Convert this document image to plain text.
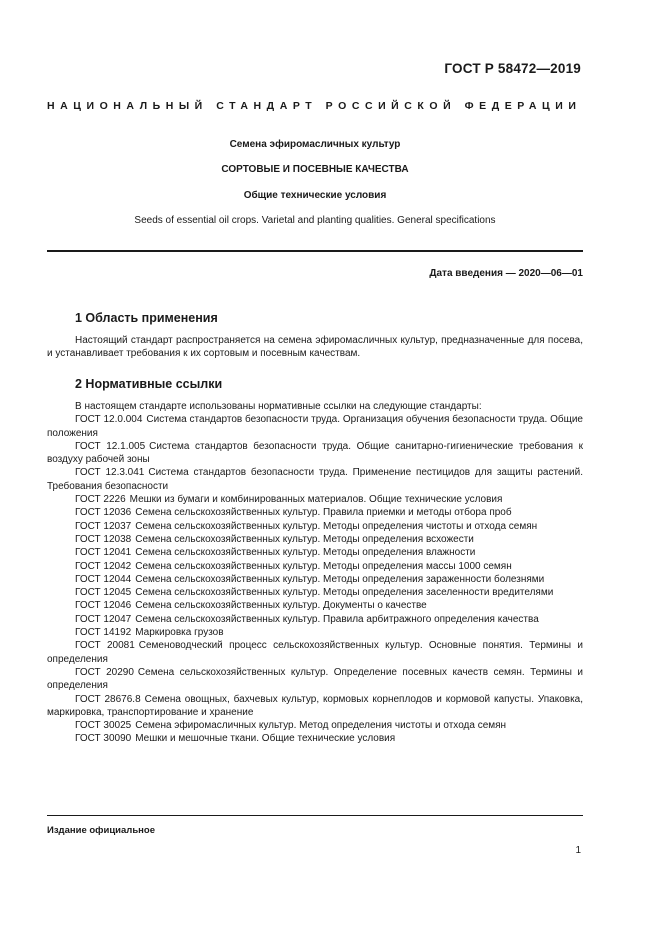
ГОСТ Р 58472—2019
НАЦИОНАЛЬНЫЙ СТАНДАРТ РОССИЙСКОЙ ФЕДЕРАЦИИ
Семена эфиромасличных культур
СОРТОВЫЕ И ПОСЕВНЫЕ КАЧЕСТВА
Общие технические условия
Seeds of essential oil crops. Varietal and planting qualities. General specifications
Дата введения — 2020—06—01
1 Область применения

Настоящий стандарт распространяется на семена эфиромасличных культур, предназначенные для посева, и устанавливает требования к их сортовым и посевным качествам.

2 Нормативные ссылки

В настоящем стандарте использованы нормативные ссылки на следующие стандарты:

ГОСТ 12.0.004 Система стандартов безопасности труда. Организация обучения безопасности труда. Общие положения

ГОСТ 12.1.005 Система стандартов безопасности труда. Общие санитарно-гигиенические требования к воздуху рабочей зоны

ГОСТ 12.3.041 Система стандартов безопасности труда. Применение пестицидов для защиты растений. Требования безопасности

ГОСТ 2226 Мешки из бумаги и комбинированных материалов. Общие технические условия

ГОСТ 12036 Семена сельскохозяйственных культур. Правила приемки и методы отбора проб

ГОСТ 12037 Семена сельскохозяйственных культур. Методы определения чистоты и отхода семян

ГОСТ 12038 Семена сельскохозяйственных культур. Методы определения всхожести

ГОСТ 12041 Семена сельскохозяйственных культур. Методы определения влажности

ГОСТ 12042 Семена сельскохозяйственных культур. Методы определения массы 1000 семян

ГОСТ 12044 Семена сельскохозяйственных культур. Методы определения зараженности болезнями

ГОСТ 12045 Семена сельскохозяйственных культур. Методы определения заселенности вредителями

ГОСТ 12046 Семена сельскохозяйственных культур. Документы о качестве

ГОСТ 12047 Семена сельскохозяйственных культур. Правила арбитражного определения качества

ГОСТ 14192 Маркировка грузов

ГОСТ 20081 Семеноводческий процесс сельскохозяйственных культур. Основные понятия. Термины и определения

ГОСТ 20290 Семена сельскохозяйственных культур. Определение посевных качеств семян. Термины и определения

ГОСТ 28676.8 Семена овощных, бахчевых культур, кормовых корнеплодов и кормовой капусты. Упаковка, маркировка, транспортирование и хранение

ГОСТ 30025 Семена эфиромасличных культур. Метод определения чистоты и отхода семян

ГОСТ 30090 Мешки и мешочные ткани. Общие технические условия

Издание официальное
1
